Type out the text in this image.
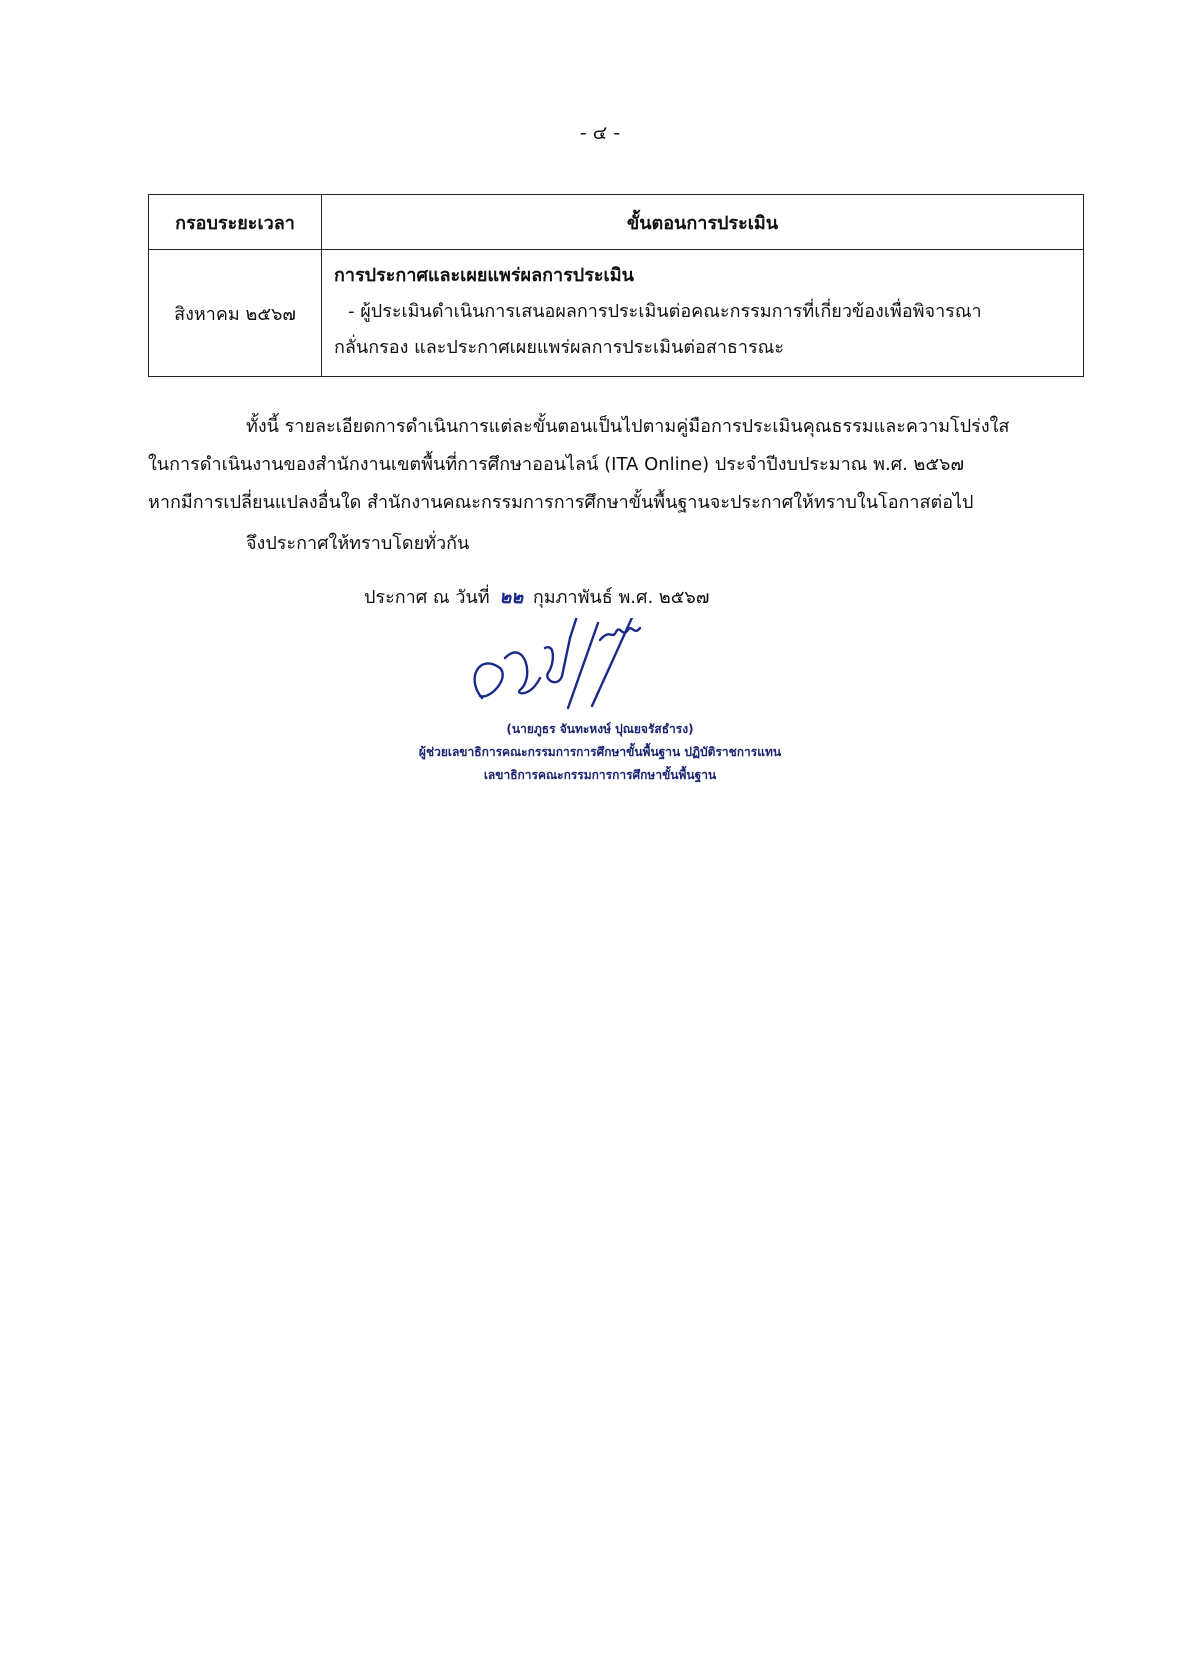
- ๔ -
กรอบระยะเวลา	ขั้นตอนการประเมิน
สิงหาคม ๒๕๖๗	การประกาศและเผยแพร่ผลการประเมิน
- ผู้ประเมินดำเนินการเสนอผลการประเมินต่อคณะกรรมการที่เกี่ยวข้องเพื่อพิจารณา
กลั่นกรอง และประกาศเผยแพร่ผลการประเมินต่อสาธารณะ
ทั้งนี้ รายละเอียดการดำเนินการแต่ละขั้นตอนเป็นไปตามคู่มือการประเมินคุณธรรมและความโปร่งใส
ในการดำเนินงานของสำนักงานเขตพื้นที่การศึกษาออนไลน์ (ITA Online) ประจำปีงบประมาณ พ.ศ. ๒๕๖๗
หากมีการเปลี่ยนแปลงอื่นใด สำนักงานคณะกรรมการการศึกษาขั้นพื้นฐานจะประกาศให้ทราบในโอกาสต่อไป
จึงประกาศให้ทราบโดยทั่วกัน
ประกาศ ณ วันที่ ๒๒ กุมภาพันธ์ พ.ศ. ๒๕๖๗
(นายภูธร จันทะหงษ์ ปุณยจรัสธำรง)
ผู้ช่วยเลขาธิการคณะกรรมการการศึกษาขั้นพื้นฐาน ปฏิบัติราชการแทน
เลขาธิการคณะกรรมการการศึกษาขั้นพื้นฐาน
